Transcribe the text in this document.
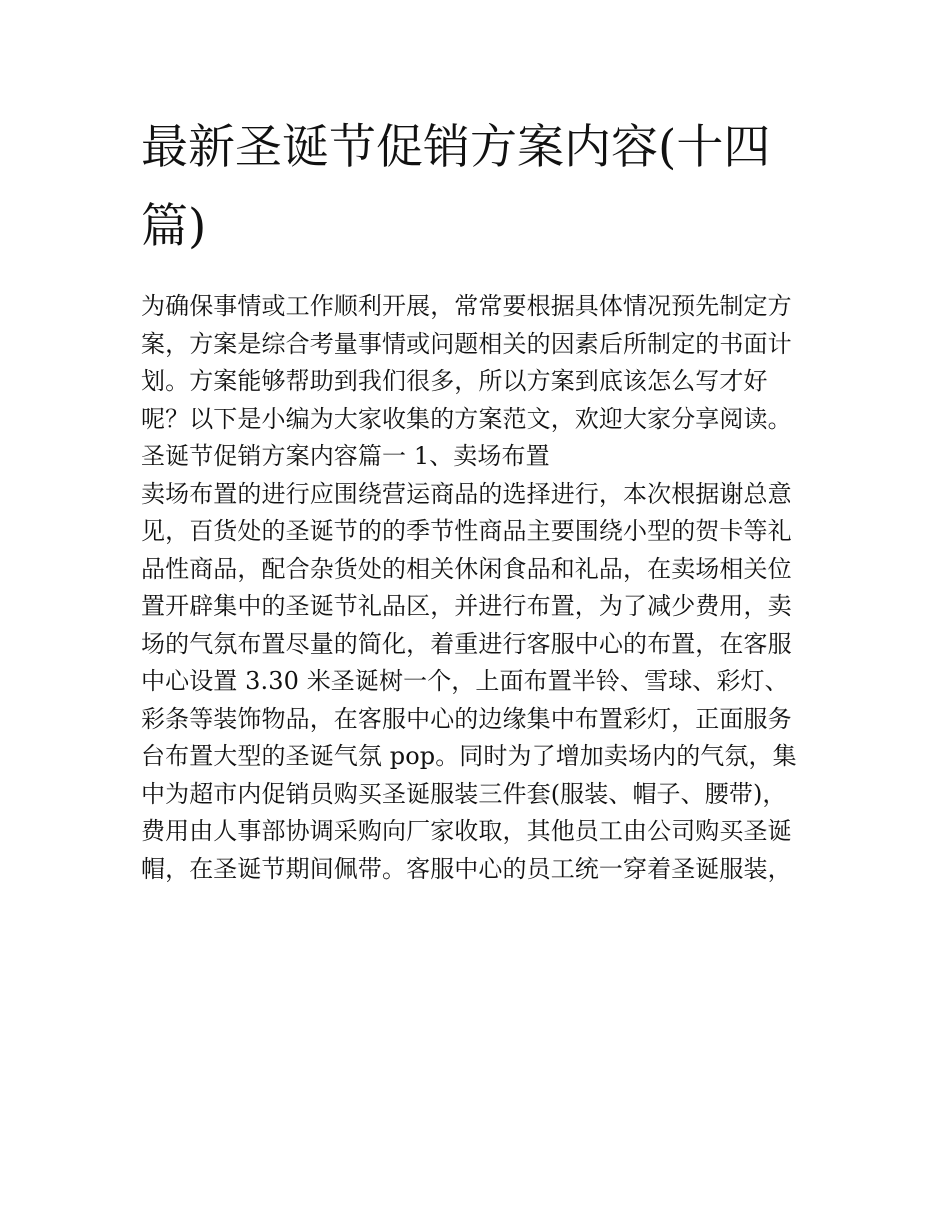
最新圣诞节促销方案内容(十四篇)

为确保事情或工作顺利开展，常常要根据具体情况预先制定方

案，方案是综合考量事情或问题相关的因素后所制定的书面计

划。方案能够帮助到我们很多，所以方案到底该怎么写才好

呢？以下是小编为大家收集的方案范文，欢迎大家分享阅读。

圣诞节促销方案内容篇一 1、卖场布置

卖场布置的进行应围绕营运商品的选择进行，本次根据谢总意

见，百货处的圣诞节的的季节性商品主要围绕小型的贺卡等礼

品性商品，配合杂货处的相关休闲食品和礼品，在卖场相关位

置开辟集中的圣诞节礼品区，并进行布置，为了减少费用，卖

场的气氛布置尽量的简化，着重进行客服中心的布置，在客服

中心设置 3.30 米圣诞树一个，上面布置半铃、雪球、彩灯、

彩条等装饰物品，在客服中心的边缘集中布置彩灯，正面服务

台布置大型的圣诞气氛 pop。同时为了增加卖场内的气氛，集

中为超市内促销员购买圣诞服装三件套(服装、帽子、腰带)，

费用由人事部协调采购向厂家收取，其他员工由公司购买圣诞

帽，在圣诞节期间佩带。客服中心的员工统一穿着圣诞服装，
